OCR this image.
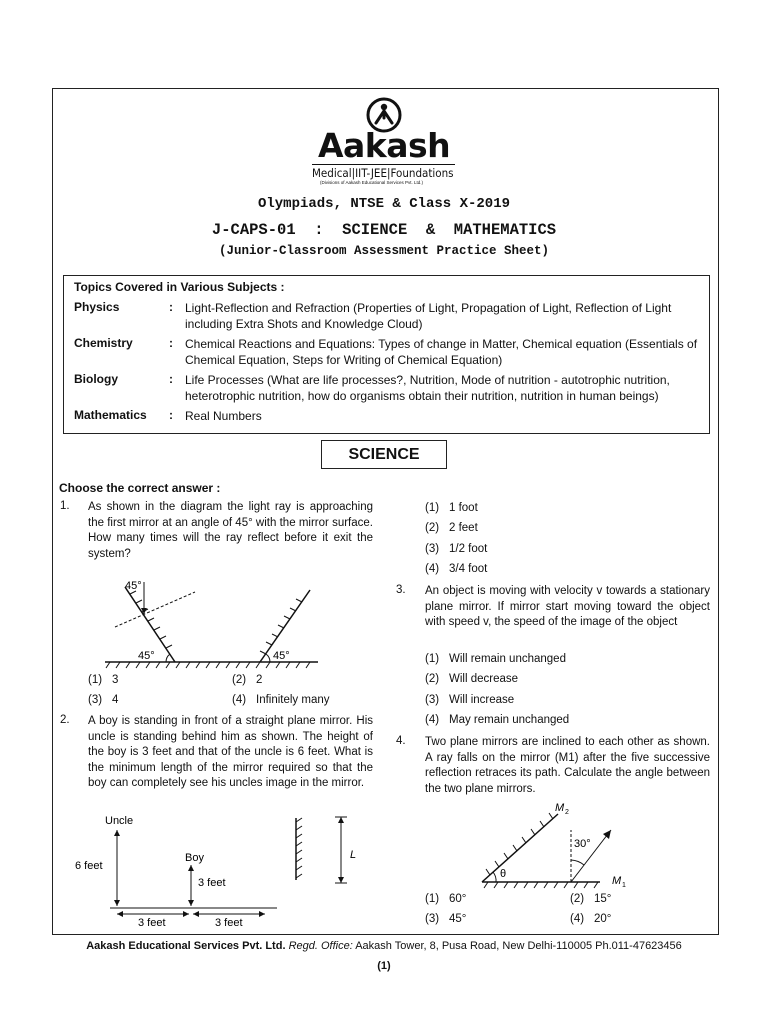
Aakash
Medical|IIT-JEE|Foundations
(Divisions of Aakash Educational Services Pvt. Ltd.)
Olympiads, NTSE & Class X-2019
J-CAPS-01  :  SCIENCE  &  MATHEMATICS
(Junior-Classroom Assessment Practice Sheet)
Topics Covered in Various Subjects :
Physics	: Light-Reflection and Refraction (Properties of Light, Propagation of Light, Reflection of Light including Extra Shots and Knowledge Cloud)
Chemistry	: Chemical Reactions and Equations: Types of change in Matter, Chemical equation (Essentials of Chemical Equation, Steps for Writing of Chemical Equation)
Biology	: Life Processes (What are life processes?, Nutrition, Mode of nutrition - autotrophic nutrition, heterotrophic nutrition, how do organisms obtain their nutrition, nutrition in human beings)
Mathematics : Real Numbers
SCIENCE
Choose the correct answer :
1. As shown in the diagram the light ray is approaching the first mirror at an angle of 45° with the mirror surface. How many times will the ray reflect before it exit the system?
45°
45°	45°
(1) 3	(2) 2
(3) 4	(4) Infinitely many
2. A boy is standing in front of a straight plane mirror. His uncle is standing behind him as shown. The height of the boy is 3 feet and that of the uncle is 6 feet. What is the minimum length of the mirror required so that the boy can completely see his uncles image in the mirror.
Uncle
6 feet
Boy
3 feet
3 feet	3 feet
L
(1) 1 foot
(2) 2 feet
(3) 1/2 foot
(4) 3/4 foot
3. An object is moving with velocity v towards a stationary plane mirror. If mirror start moving toward the object with speed v, the speed of the image of the object
(1) Will remain unchanged
(2) Will decrease
(3) Will increase
(4) May remain unchanged
4. Two plane mirrors are inclined to each other as shown. A ray falls on the mirror (M1) after the five successive reflection retraces its path. Calculate the angle between the two plane mirrors.
θ
30°
M 2
M 1
(1) 60°	(2) 15°
(3) 45°	(4) 20°
Aakash Educational Services Pvt. Ltd. Regd. Office: Aakash Tower, 8, Pusa Road, New Delhi-110005 Ph.011-47623456
(1)
